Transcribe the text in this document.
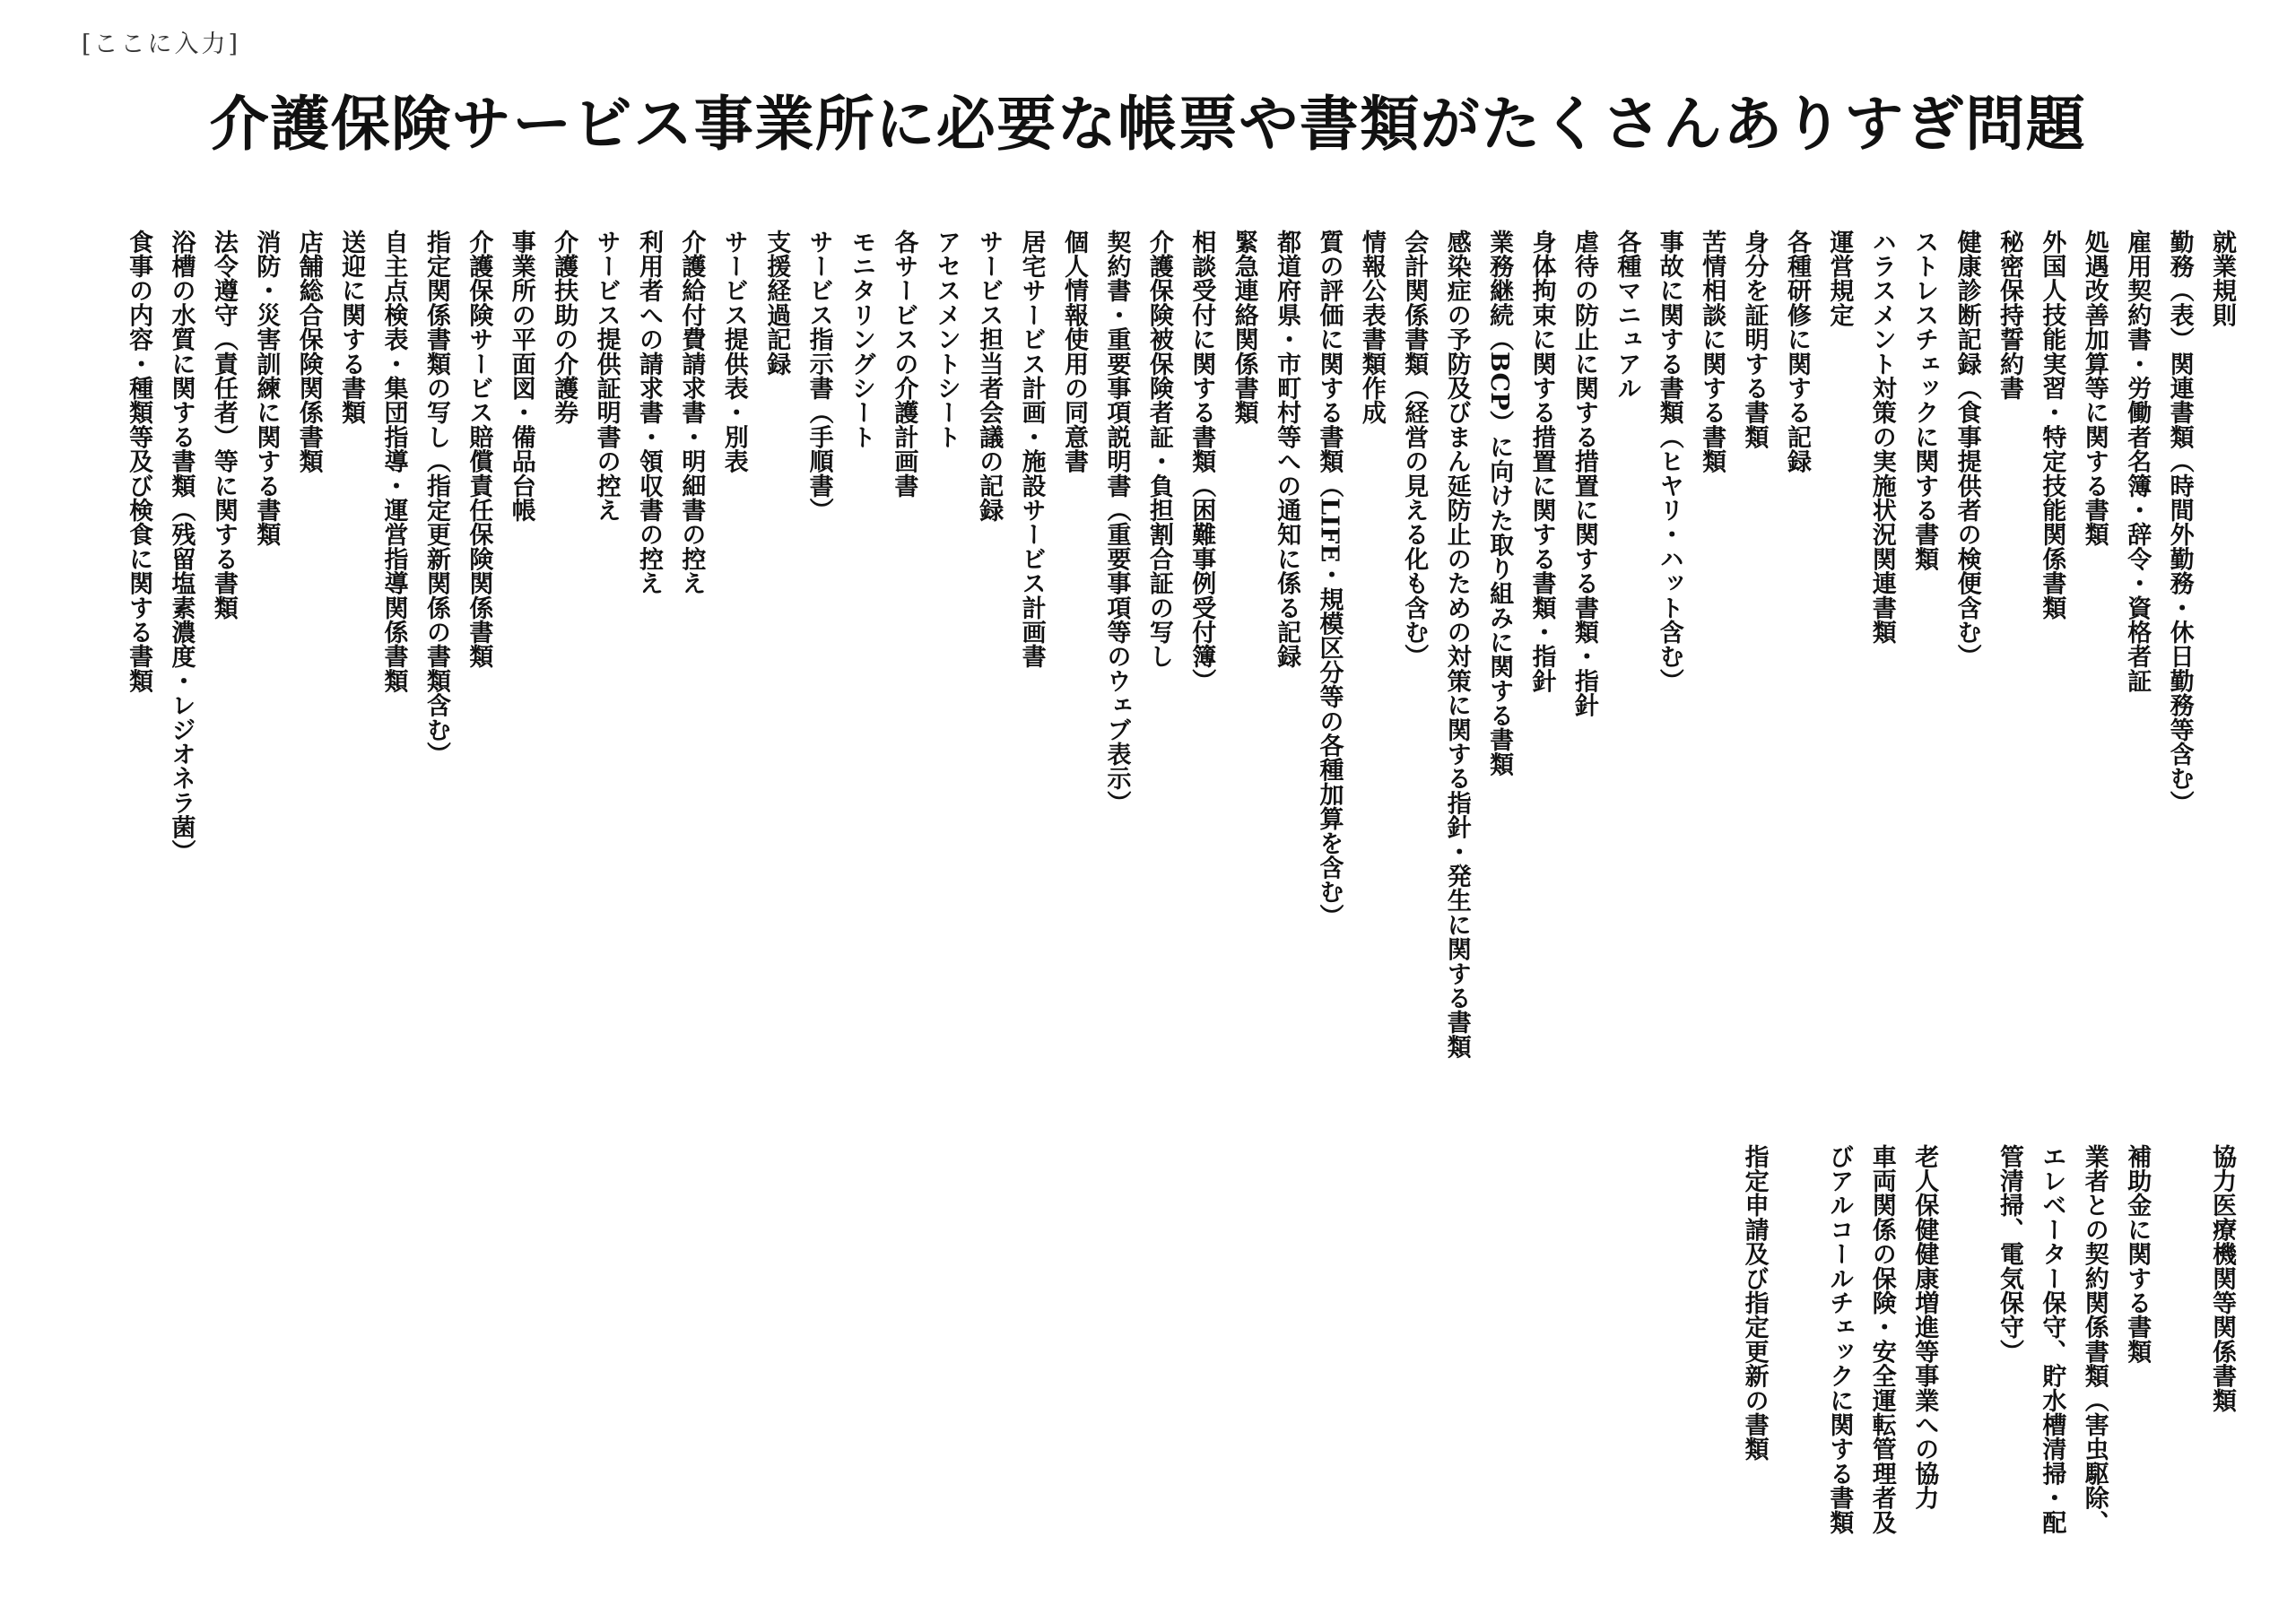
[ここに入力]
介護保険サービス事業所に必要な帳票や書類がたくさんありすぎ問題
就業規則
勤務（表）関連書類（時間外勤務・休日勤務等含む）
雇用契約書・労働者名簿・辞令・資格者証
処遇改善加算等に関する書類
外国人技能実習・特定技能関係書類
秘密保持誓約書
健康診断記録（食事提供者の検便含む）
ストレスチェックに関する書類
ハラスメント対策の実施状況関連書類
運営規定
各種研修に関する記録
身分を証明する書類
苦情相談に関する書類
事故に関する書類（ヒヤリ・ハット含む）
各種マニュアル
虐待の防止に関する措置に関する書類・指針
身体拘束に関する措置に関する書類・指針
業務継続（BCP）に向けた取り組みに関する書類
感染症の予防及びまん延防止のための対策に関する指針・発生に関する書類
会計関係書類（経営の見える化も含む）
情報公表書類作成
質の評価に関する書類（LIFE・規模区分等の各種加算を含む）
都道府県・市町村等への通知に係る記録
緊急連絡関係書類
相談受付に関する書類（困難事例受付簿）
介護保険被保険者証・負担割合証の写し
契約書・重要事項説明書（重要事項等のウェブ表示）
個人情報使用の同意書
居宅サービス計画・施設サービス計画書
サービス担当者会議の記録
アセスメントシート
各サービスの介護計画書
モニタリングシート
サービス指示書（手順書）
支援経過記録
サービス提供表・別表
介護給付費請求書・明細書の控え
利用者への請求書・領収書の控え
サービス提供証明書の控え
介護扶助の介護券
事業所の平面図・備品台帳
介護保険サービス賠償責任保険関係書類
指定関係書類の写し（指定更新関係の書類含む）
自主点検表・集団指導・運営指導関係書類
送迎に関する書類
店舗総合保険関係書類
消防・災害訓練に関する書類
法令遵守（責任者）等に関する書類
浴槽の水質に関する書類（残留塩素濃度・レジオネラ菌）
食事の内容・種類等及び検食に関する書類
協力医療機関等関係書類
補助金に関する書類
業者との契約関係書類（害虫駆除、
エレベーター保守、貯水槽清掃・配
管清掃、電気保守）
老人保健健康増進等事業への協力
車両関係の保険・安全運転管理者及
びアルコールチェックに関する書類
指定申請及び指定更新の書類
